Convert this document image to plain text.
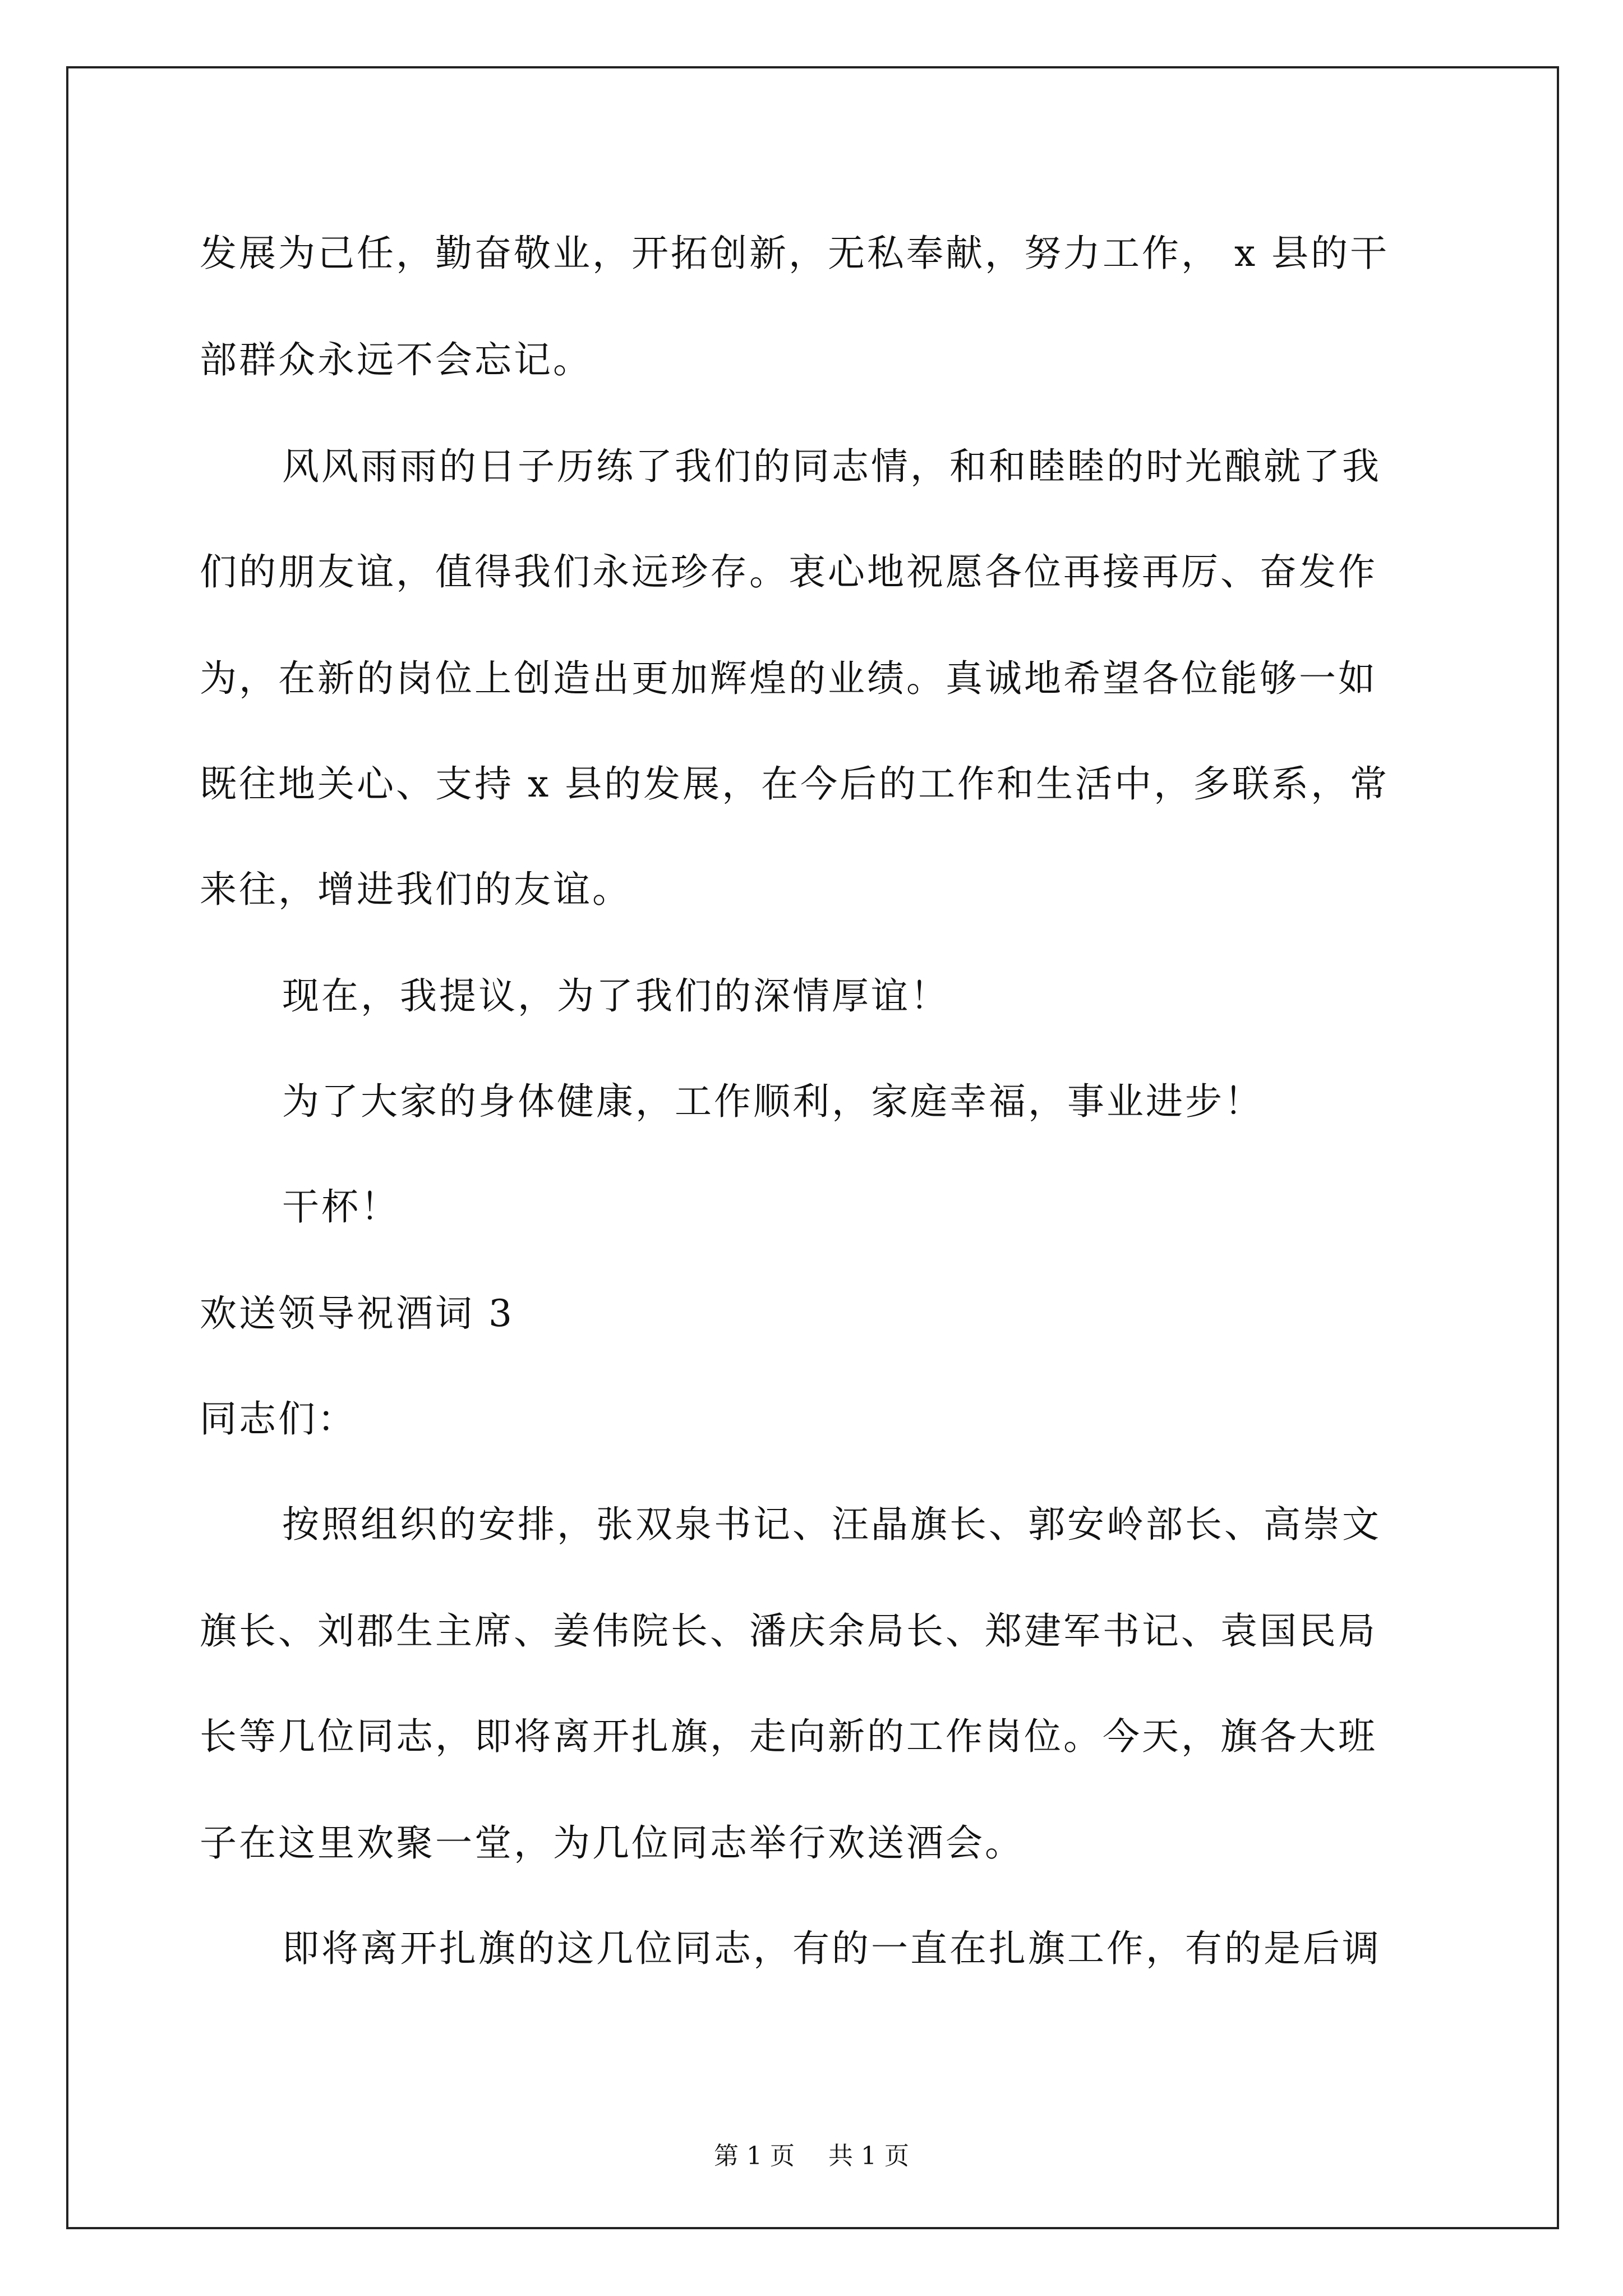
发展为己任，勤奋敬业，开拓创新，无私奉献，努力工作， x 县的干
部群众永远不会忘记。
风风雨雨的日子历练了我们的同志情，和和睦睦的时光酿就了我
们的朋友谊，值得我们永远珍存。衷心地祝愿各位再接再厉、奋发作
为，在新的岗位上创造出更加辉煌的业绩。真诚地希望各位能够一如
既往地关心、支持 x 县的发展，在今后的工作和生活中，多联系，常
来往，增进我们的友谊。
现在，我提议，为了我们的深情厚谊！
为了大家的身体健康，工作顺利，家庭幸福，事业进步！
干杯！
欢送领导祝酒词 3
同志们：
按照组织的安排，张双泉书记、汪晶旗长、郭安岭部长、高崇文
旗长、刘郡生主席、姜伟院长、潘庆余局长、郑建军书记、袁国民局
长等几位同志，即将离开扎旗，走向新的工作岗位。今天，旗各大班
子在这里欢聚一堂，为几位同志举行欢送酒会。
即将离开扎旗的这几位同志，有的一直在扎旗工作，有的是后调
第 1 页 共 1 页
